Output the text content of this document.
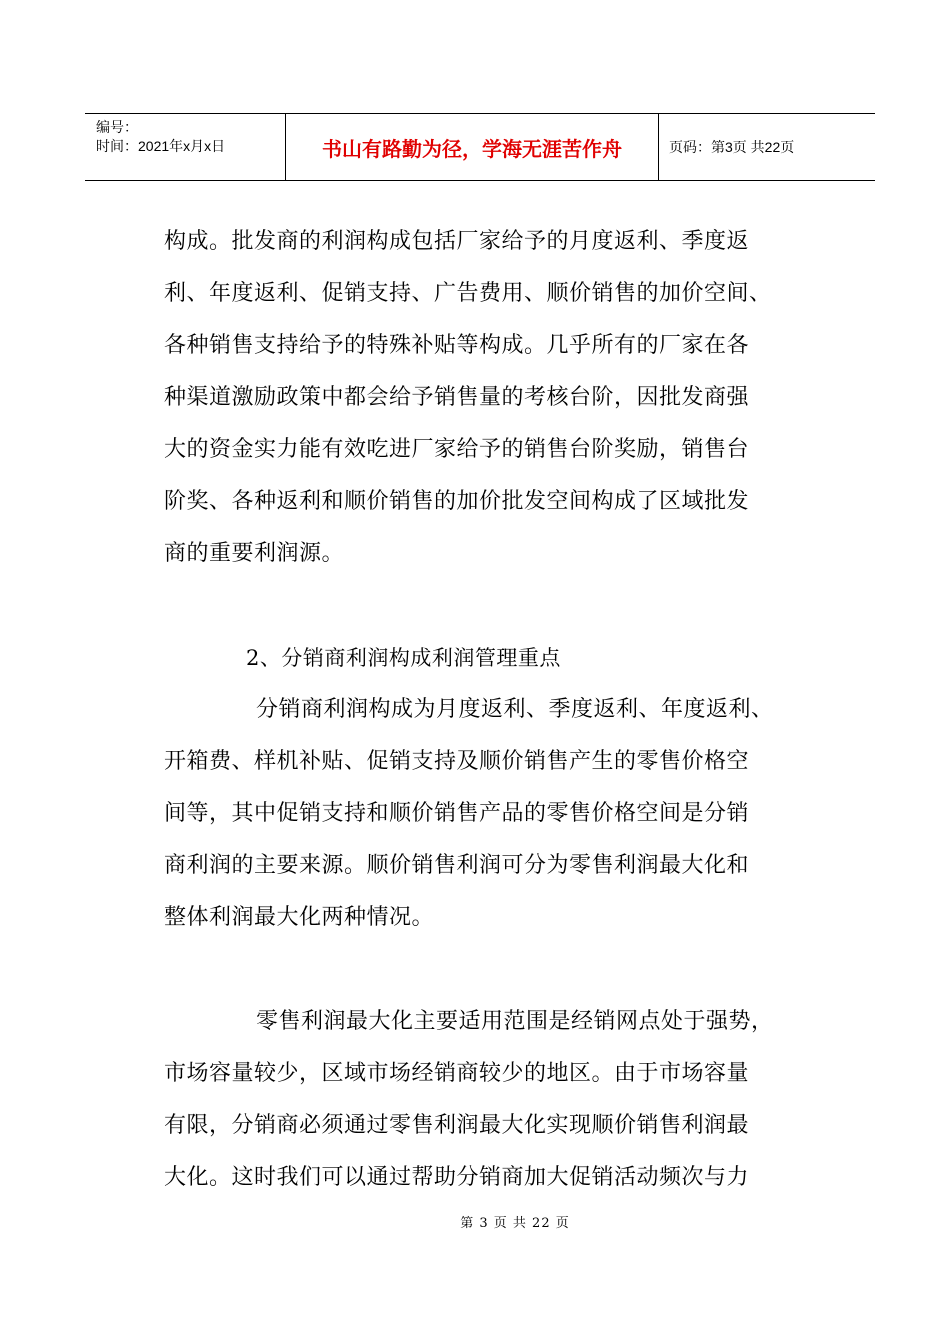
编号：
时间：2021年x月x日	书山有路勤为径，学海无涯苦作舟	页码：第3页 共22页
构成。批发商的利润构成包括厂家给予的月度返利、季度返
利、年度返利、促销支持、广告费用、顺价销售的加价空间、
各种销售支持给予的特殊补贴等构成。几乎所有的厂家在各
种渠道激励政策中都会给予销售量的考核台阶，因批发商强
大的资金实力能有效吃进厂家给予的销售台阶奖励，销售台
阶奖、各种返利和顺价销售的加价批发空间构成了区域批发
商的重要利润源。
2、分销商利润构成利润管理重点
分销商利润构成为月度返利、季度返利、年度返利、
开箱费、样机补贴、促销支持及顺价销售产生的零售价格空
间等，其中促销支持和顺价销售产品的零售价格空间是分销
商利润的主要来源。顺价销售利润可分为零售利润最大化和
整体利润最大化两种情况。
零售利润最大化主要适用范围是经销网点处于强势，
市场容量较少，区域市场经销商较少的地区。由于市场容量
有限，分销商必须通过零售利润最大化实现顺价销售利润最
大化。这时我们可以通过帮助分销商加大促销活动频次与力
第 3 页 共 22 页
